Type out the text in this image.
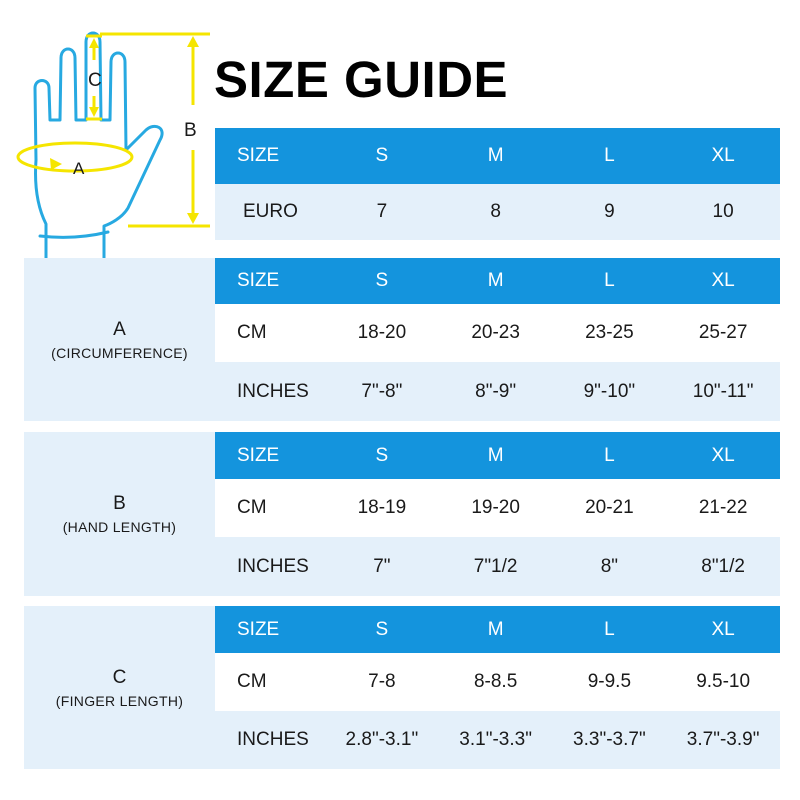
SIZE GUIDE
C
B
A
SIZE	S	M	L	XL
EURO	7	8	9	10
A
(CIRCUMFERENCE)
SIZE	S	M	L	XL
CM	18-20	20-23	23-25	25-27
INCHES	7"-8"	8"-9"	9"-10"	10"-11"
B
(HAND LENGTH)
SIZE	S	M	L	XL
CM	18-19	19-20	20-21	21-22
INCHES	7"	7"1/2	8"	8"1/2
C
(FINGER LENGTH)
SIZE	S	M	L	XL
CM	7-8	8-8.5	9-9.5	9.5-10
INCHES	2.8"-3.1"	3.1"-3.3"	3.3"-3.7"	3.7"-3.9"
